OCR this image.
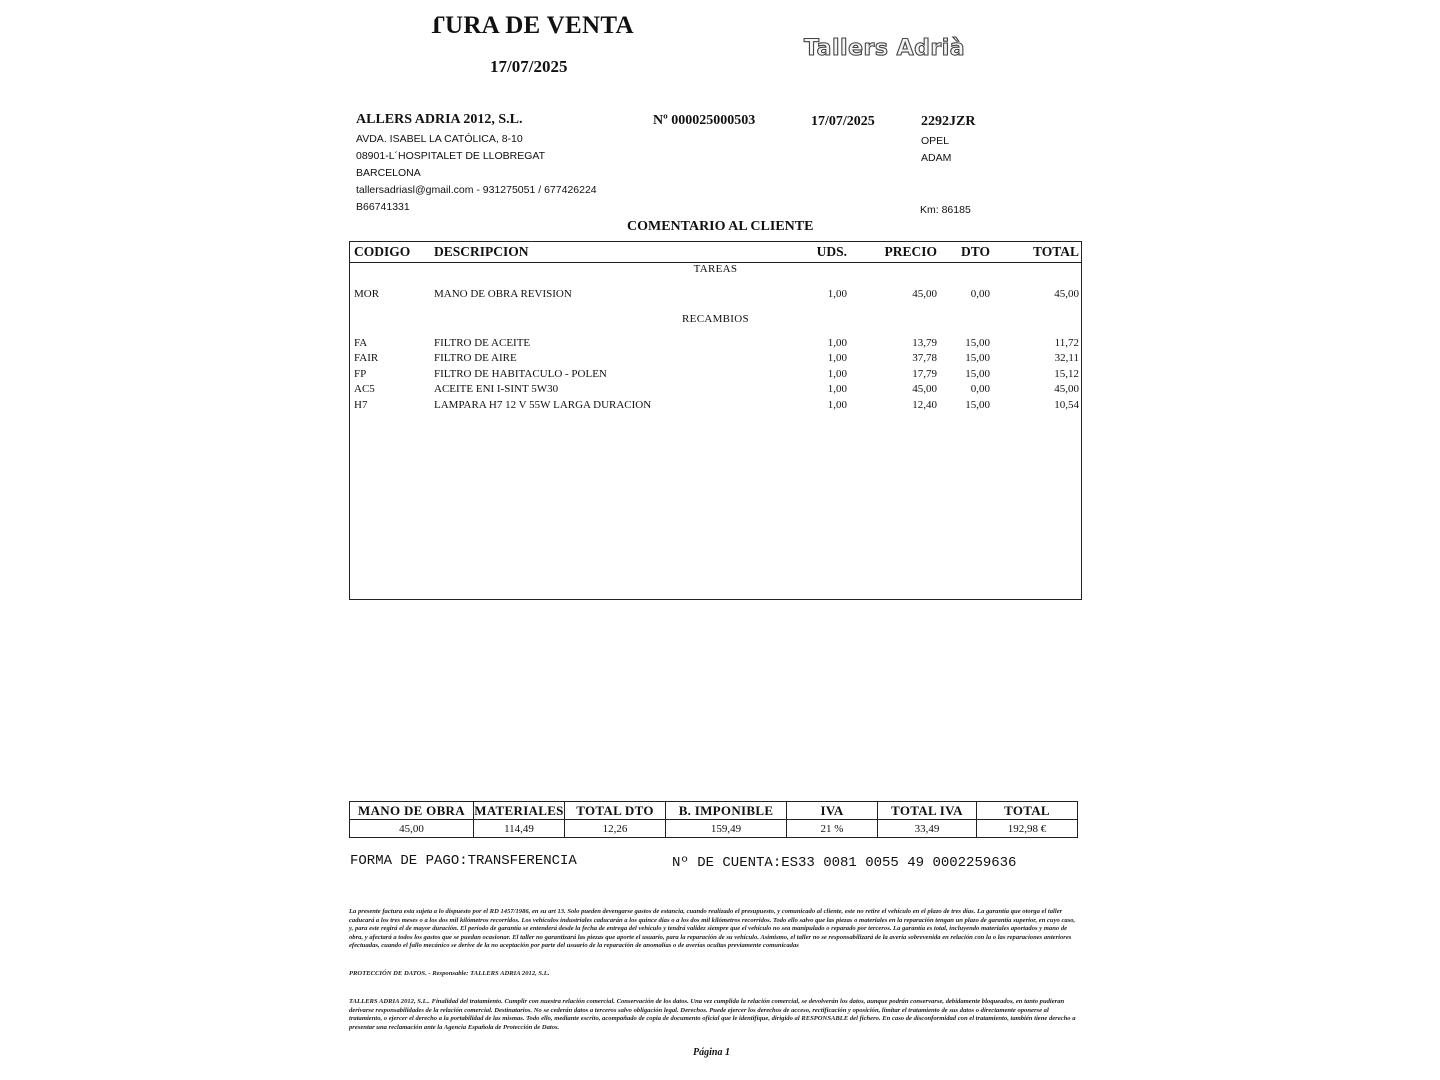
TURA DE VENTA
17/07/2025
Tallers Adrià
ALLERS ADRIA 2012, S.L.
AVDA. ISABEL LA CATÓLICA, 8-10
08901-L´HOSPITALET DE LLOBREGAT
BARCELONA
tallersadriasl@gmail.com - 931275051 / 677426224
B66741331
Nº 000025000503	17/07/2025	2292JZR
OPEL
ADAM
Km: 86185
COMENTARIO AL CLIENTE
CODIGO DESCRIPCION	UDS.	PRECIO	DTO	TOTAL
TAREAS
MOR	MANO DE OBRA REVISION	1,00	45,00	0,00	45,00
RECAMBIOS
FA	FILTRO DE ACEITE	1,00	13,79	15,00	11,72
FAIR	FILTRO DE AIRE	1,00	37,78	15,00	32,11
FP	FILTRO DE HABITACULO - POLEN	1,00	17,79	15,00	15,12
AC5	ACEITE ENI I-SINT 5W30	1,00	45,00	0,00	45,00
H7	LAMPARA H7 12 V 55W LARGA DURACION	1,00	12,40	15,00	10,54
MANO DE OBRA	MATERIALES	TOTAL DTO	B. IMPONIBLE	IVA	TOTAL IVA	TOTAL
45,00	114,49	12,26	159,49	21 %	33,49	192,98 €
FORMA DE PAGO:TRANSFERENCIA	Nº DE CUENTA:ES33 0081 0055 49 0002259636
La presente factura esta sujeta a lo dispuesto por el RD 1457/1986, en su art 13. Solo pueden devengarse gastos de estancia, cuando realizado el presupuesto, y comunicado al cliente, este no retire el vehículo en el plazo de tres días. La garantía que otorga el taller caducará a los tres meses o a los dos mil kilómetros recorridos. Los vehículos industriales caducarán a los quince días o a los dos mil kilómetros recorridos. Todo ello salvo que las piezas o materiales en la reparación tengan un plazo de garantía superior, en cuyo caso, y, para este regirá el de mayor duración. El período de garantía se entenderá desde la fecha de entrega del vehículo y tendrá validez siempre que el vehículo no sea manipulado o reparado por terceros. La garantía es total, incluyendo materiales aportados y mano de obra, y afectará a todos los gastos que se puedan ocasionar. El taller no garantizará las piezas que aporte el usuario, para la reparación de su vehículo. Asimismo, el taller no se responsabilizará de la avería sobrevenida en relación con la o las reparaciones anteriores efectuadas, cuando el fallo mecánico se derive de la no aceptación por parte del usuario de la reparación de anomalías o de averías ocultas previamente comunicadas
PROTECCIÓN DE DATOS. - Responsable: TALLERS ADRIA 2012, S.L.
TALLERS ADRIA 2012, S.L.. Finalidad del tratamiento. Cumplir con nuestra relación comercial. Conservación de los datos. Una vez cumplida la relación comercial, se devolverán los datos, aunque podrán conservarse, debidamente bloqueados, en tanto pudieran derivarse responsabilidades de la relación comercial. Destinatarios. No se cederán datos a terceros salvo obligación legal. Derechos. Puede ejercer los derechos de acceso, rectificación y oposición, limitar el tratamiento de sus datos o directamente oponerse al tratamiento, o ejercer el derecho a la portabilidad de las mismas. Todo ello, mediante escrito, acompañado de copia de documento oficial que le identifique, dirigido al RESPONSABLE del fichero. En caso de disconformidad con el tratamiento, también tiene derecho a presentar una reclamación ante la Agencia Española de Protección de Datos.
Página 1
